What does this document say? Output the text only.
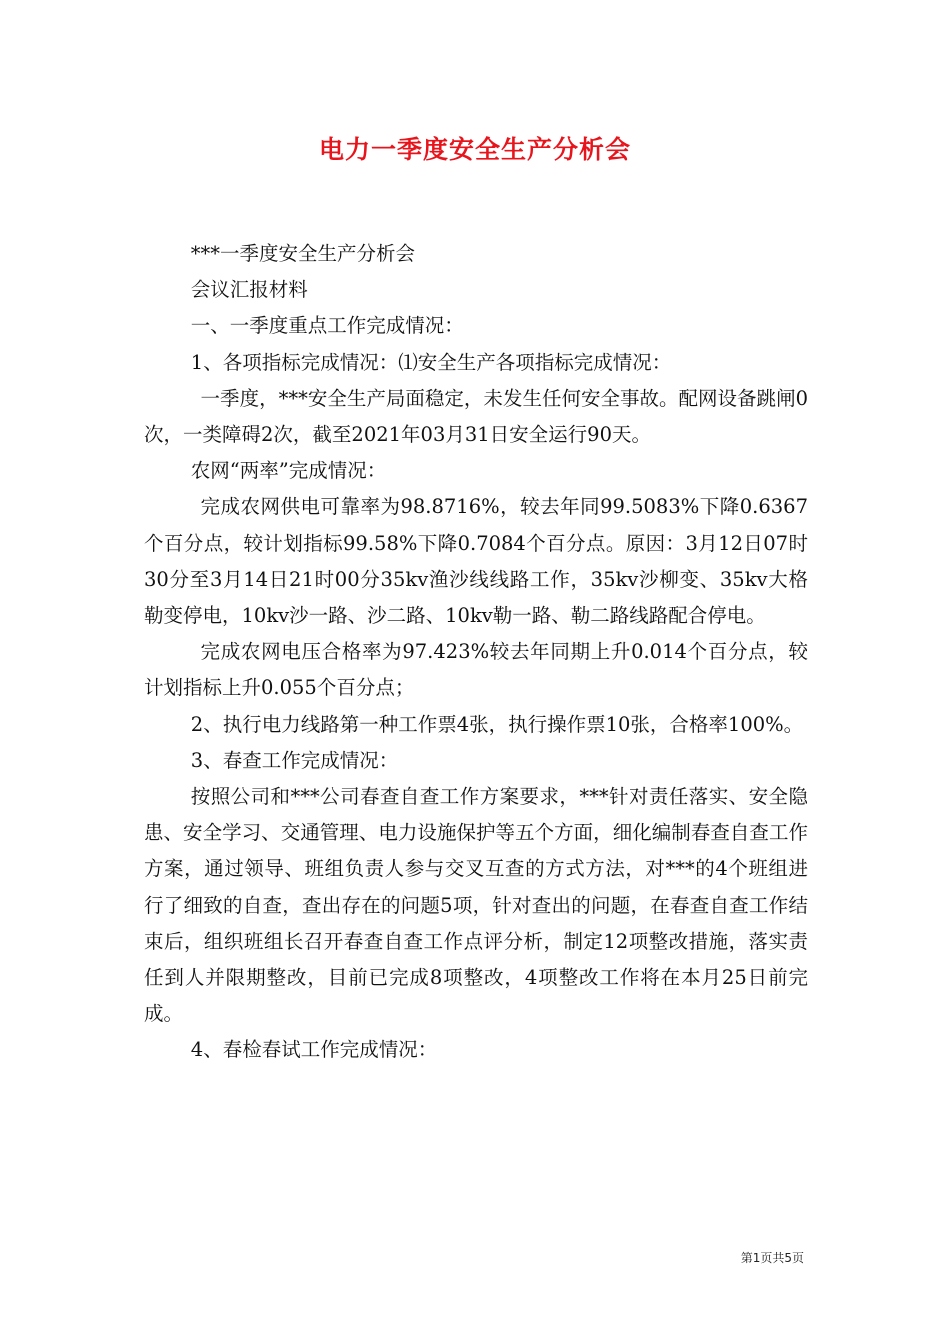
电力一季度安全生产分析会

***一季度安全生产分析会

会议汇报材料

一、一季度重点工作完成情况：

1、各项指标完成情况：⑴安全生产各项指标完成情况：

一季度，***安全生产局面稳定，未发生任何安全事故。配网设备跳闸0次，一类障碍2次，截至2021年03月31日安全运行90天。

农网“两率”完成情况：

完成农网供电可靠率为98.8716%，较去年同99.5083%下降0.6367个百分点，较计划指标99.58%下降0.7084个百分点。原因：3月12日07时30分至3月14日21时00分35kv渔沙线线路工作，35kv沙柳变、35kv大格勒变停电，10kv沙一路、沙二路、10kv勒一路、勒二路线路配合停电。

完成农网电压合格率为97.423%较去年同期上升0.014个百分点，较计划指标上升0.055个百分点；

2、执行电力线路第一种工作票4张，执行操作票10张，合格率100%。

3、春查工作完成情况：

按照公司和***公司春查自查工作方案要求，***针对责任落实、安全隐患、安全学习、交通管理、电力设施保护等五个方面，细化编制春查自查工作方案，通过领导、班组负责人参与交叉互查的方式方法，对***的4个班组进行了细致的自查，查出存在的问题5项，针对查出的问题，在春查自查工作结束后，组织班组长召开春查自查工作点评分析，制定12项整改措施，落实责任到人并限期整改，目前已完成8项整改，4项整改工作将在本月25日前完成。

4、春检春试工作完成情况：

第1页共5页
